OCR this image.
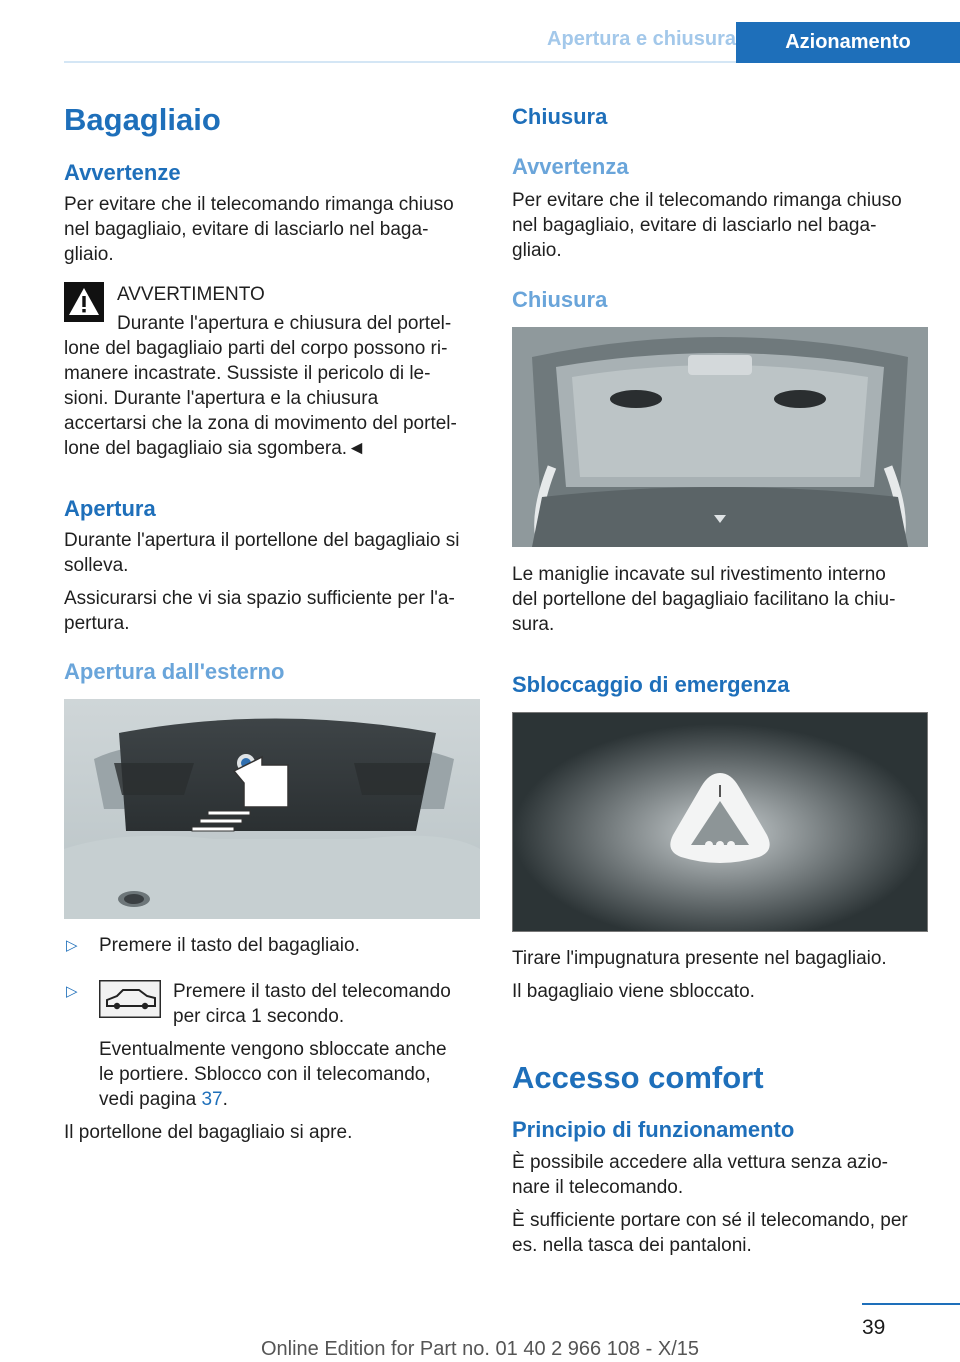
Apertura e chiusura	Azionamento
Bagagliaio
Avvertenze
Per evitare che il telecomando rimanga chiuso
nel bagagliaio, evitare di lasciarlo nel baga-
gliaio.
AVVERTIMENTO
Durante l'apertura e chiusura del portel-
lone del bagagliaio parti del corpo possono ri-
manere incastrate. Sussiste il pericolo di le-
sioni. Durante l'apertura e la chiusura
accertarsi che la zona di movimento del portel-
lone del bagagliaio sia sgombera.◄
Apertura
Durante l'apertura il portellone del bagagliaio si
solleva.
Assicurarsi che vi sia spazio sufficiente per l'a-
pertura.
Apertura dall'esterno
▷ Premere il tasto del bagagliaio.
▷	Premere il tasto del telecomando
per circa 1 secondo.
Eventualmente vengono sbloccate anche
le portiere. Sblocco con il telecomando,
vedi pagina 37.
Il portellone del bagagliaio si apre.
Chiusura
Avvertenza
Per evitare che il telecomando rimanga chiuso
nel bagagliaio, evitare di lasciarlo nel baga-
gliaio.
Chiusura
Le maniglie incavate sul rivestimento interno
del portellone del bagagliaio facilitano la chiu-
sura.
Sbloccaggio di emergenza
Tirare l'impugnatura presente nel bagagliaio.
Il bagagliaio viene sbloccato.
Accesso comfort
Principio di funzionamento
È possibile accedere alla vettura senza azio-
nare il telecomando.
È sufficiente portare con sé il telecomando, per
es. nella tasca dei pantaloni.
39
Online Edition for Part no. 01 40 2 966 108 - X/15
